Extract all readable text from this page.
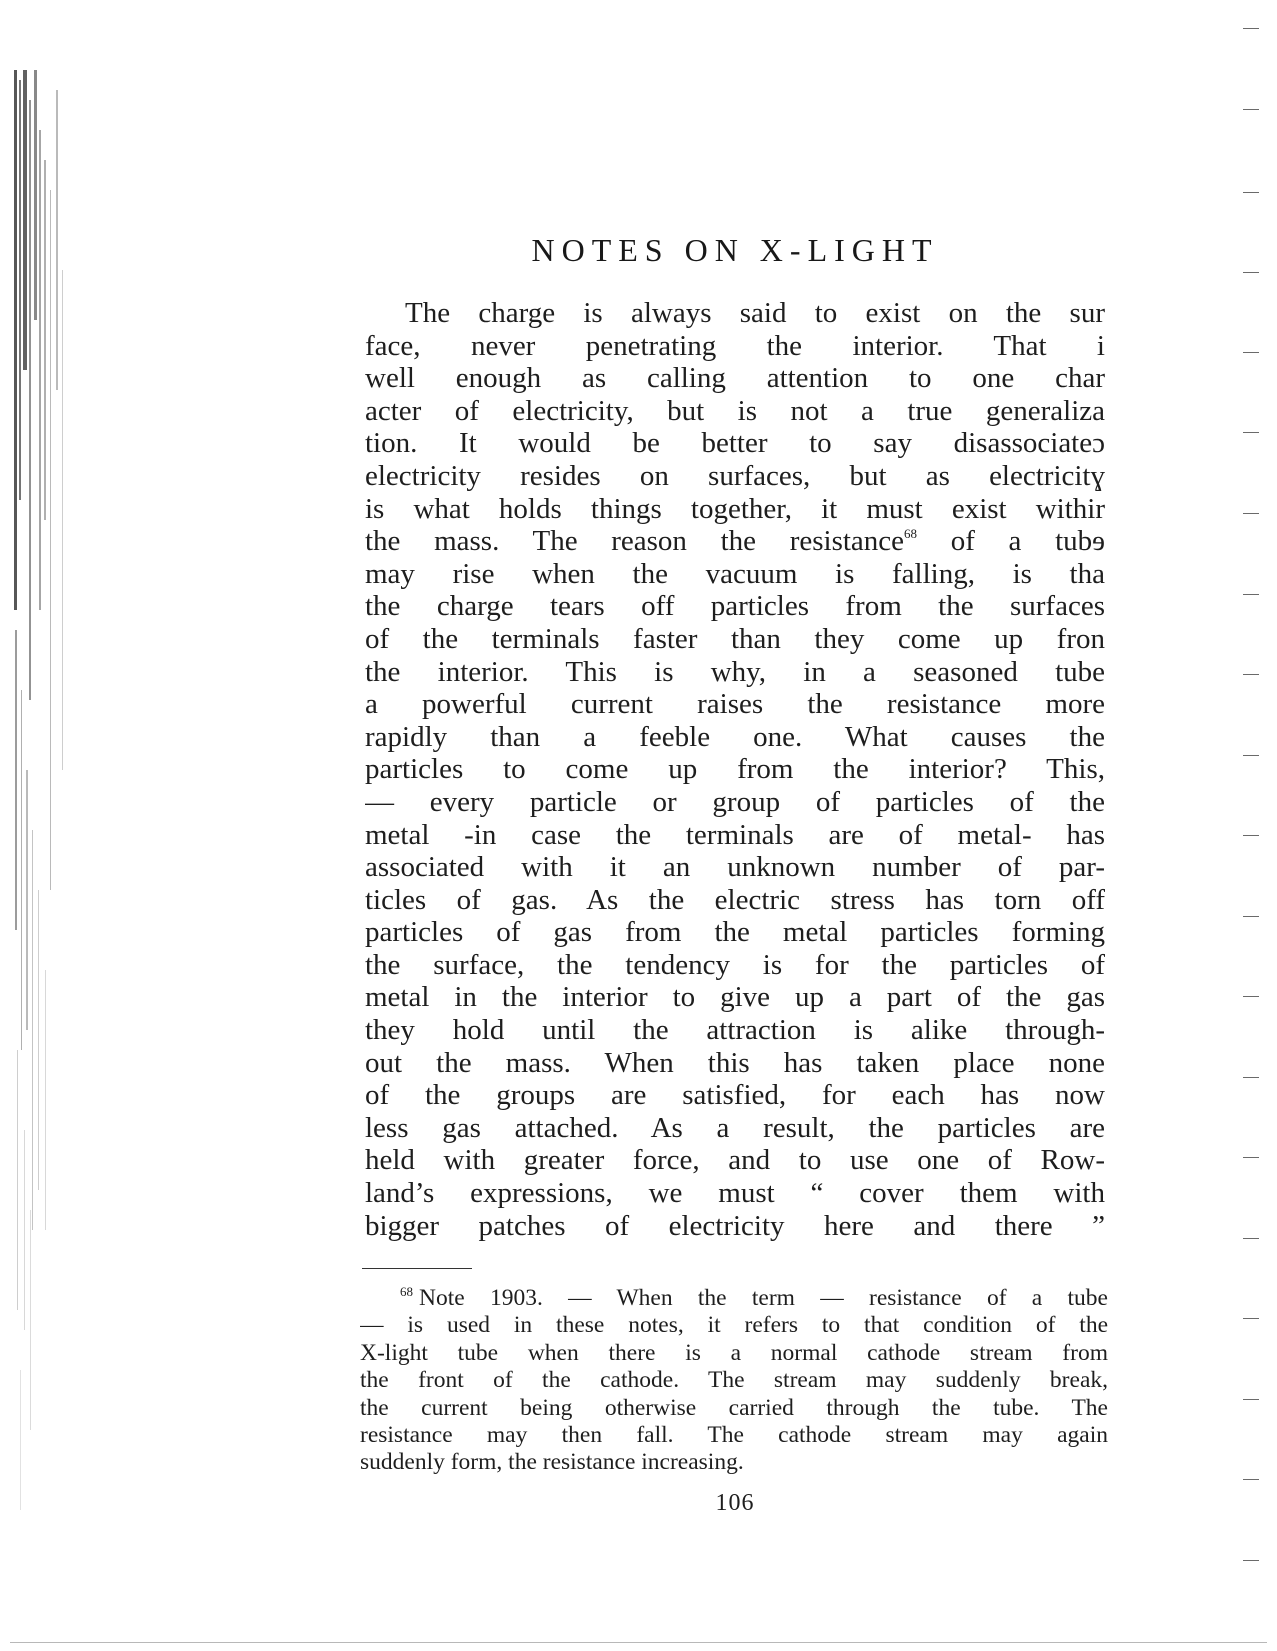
NOTES ON X-LIGHT
The charge is always said to exist on the sur
face, never penetrating the interior. That i
well enough as calling attention to one char
acter of electricity, but is not a true generaliza
tion. It would be better to say disassociateɔ
electricity resides on surfaces, but as electricitɣ
is what holds things together, it must exist withir
the mass. The reason the resistance$^{68}$ of a tubɘ
may rise when the vacuum is falling, is tha
the charge tears off particles from the surfaces
of the terminals faster than they come up fron
the interior. This is why, in a seasoned tube
a powerful current raises the resistance more
rapidly than a feeble one. What causes the
particles to come up from the interior? This,
— every particle or group of particles of the
metal -in case the terminals are of metal- has
associated with it an unknown number of par-
ticles of gas. As the electric stress has torn off
particles of gas from the metal particles forming
the surface, the tendency is for the particles of
metal in the interior to give up a part of the gas
they hold until the attraction is alike through-
out the mass. When this has taken place none
of the groups are satisfied, for each has now
less gas attached. As a result, the particles are
held with greater force, and to use one of Row-
land’s expressions, we must “ cover them with
bigger patches of electricity here and there ”
$^{68}$ Note 1903. — When the term — resistance of a tube
— is used in these notes, it refers to that condition of the
X-light tube when there is a normal cathode stream from
the front of the cathode. The stream may suddenly break,
the current being otherwise carried through the tube. The
resistance may then fall. The cathode stream may again
suddenly form, the resistance increasing.
106
